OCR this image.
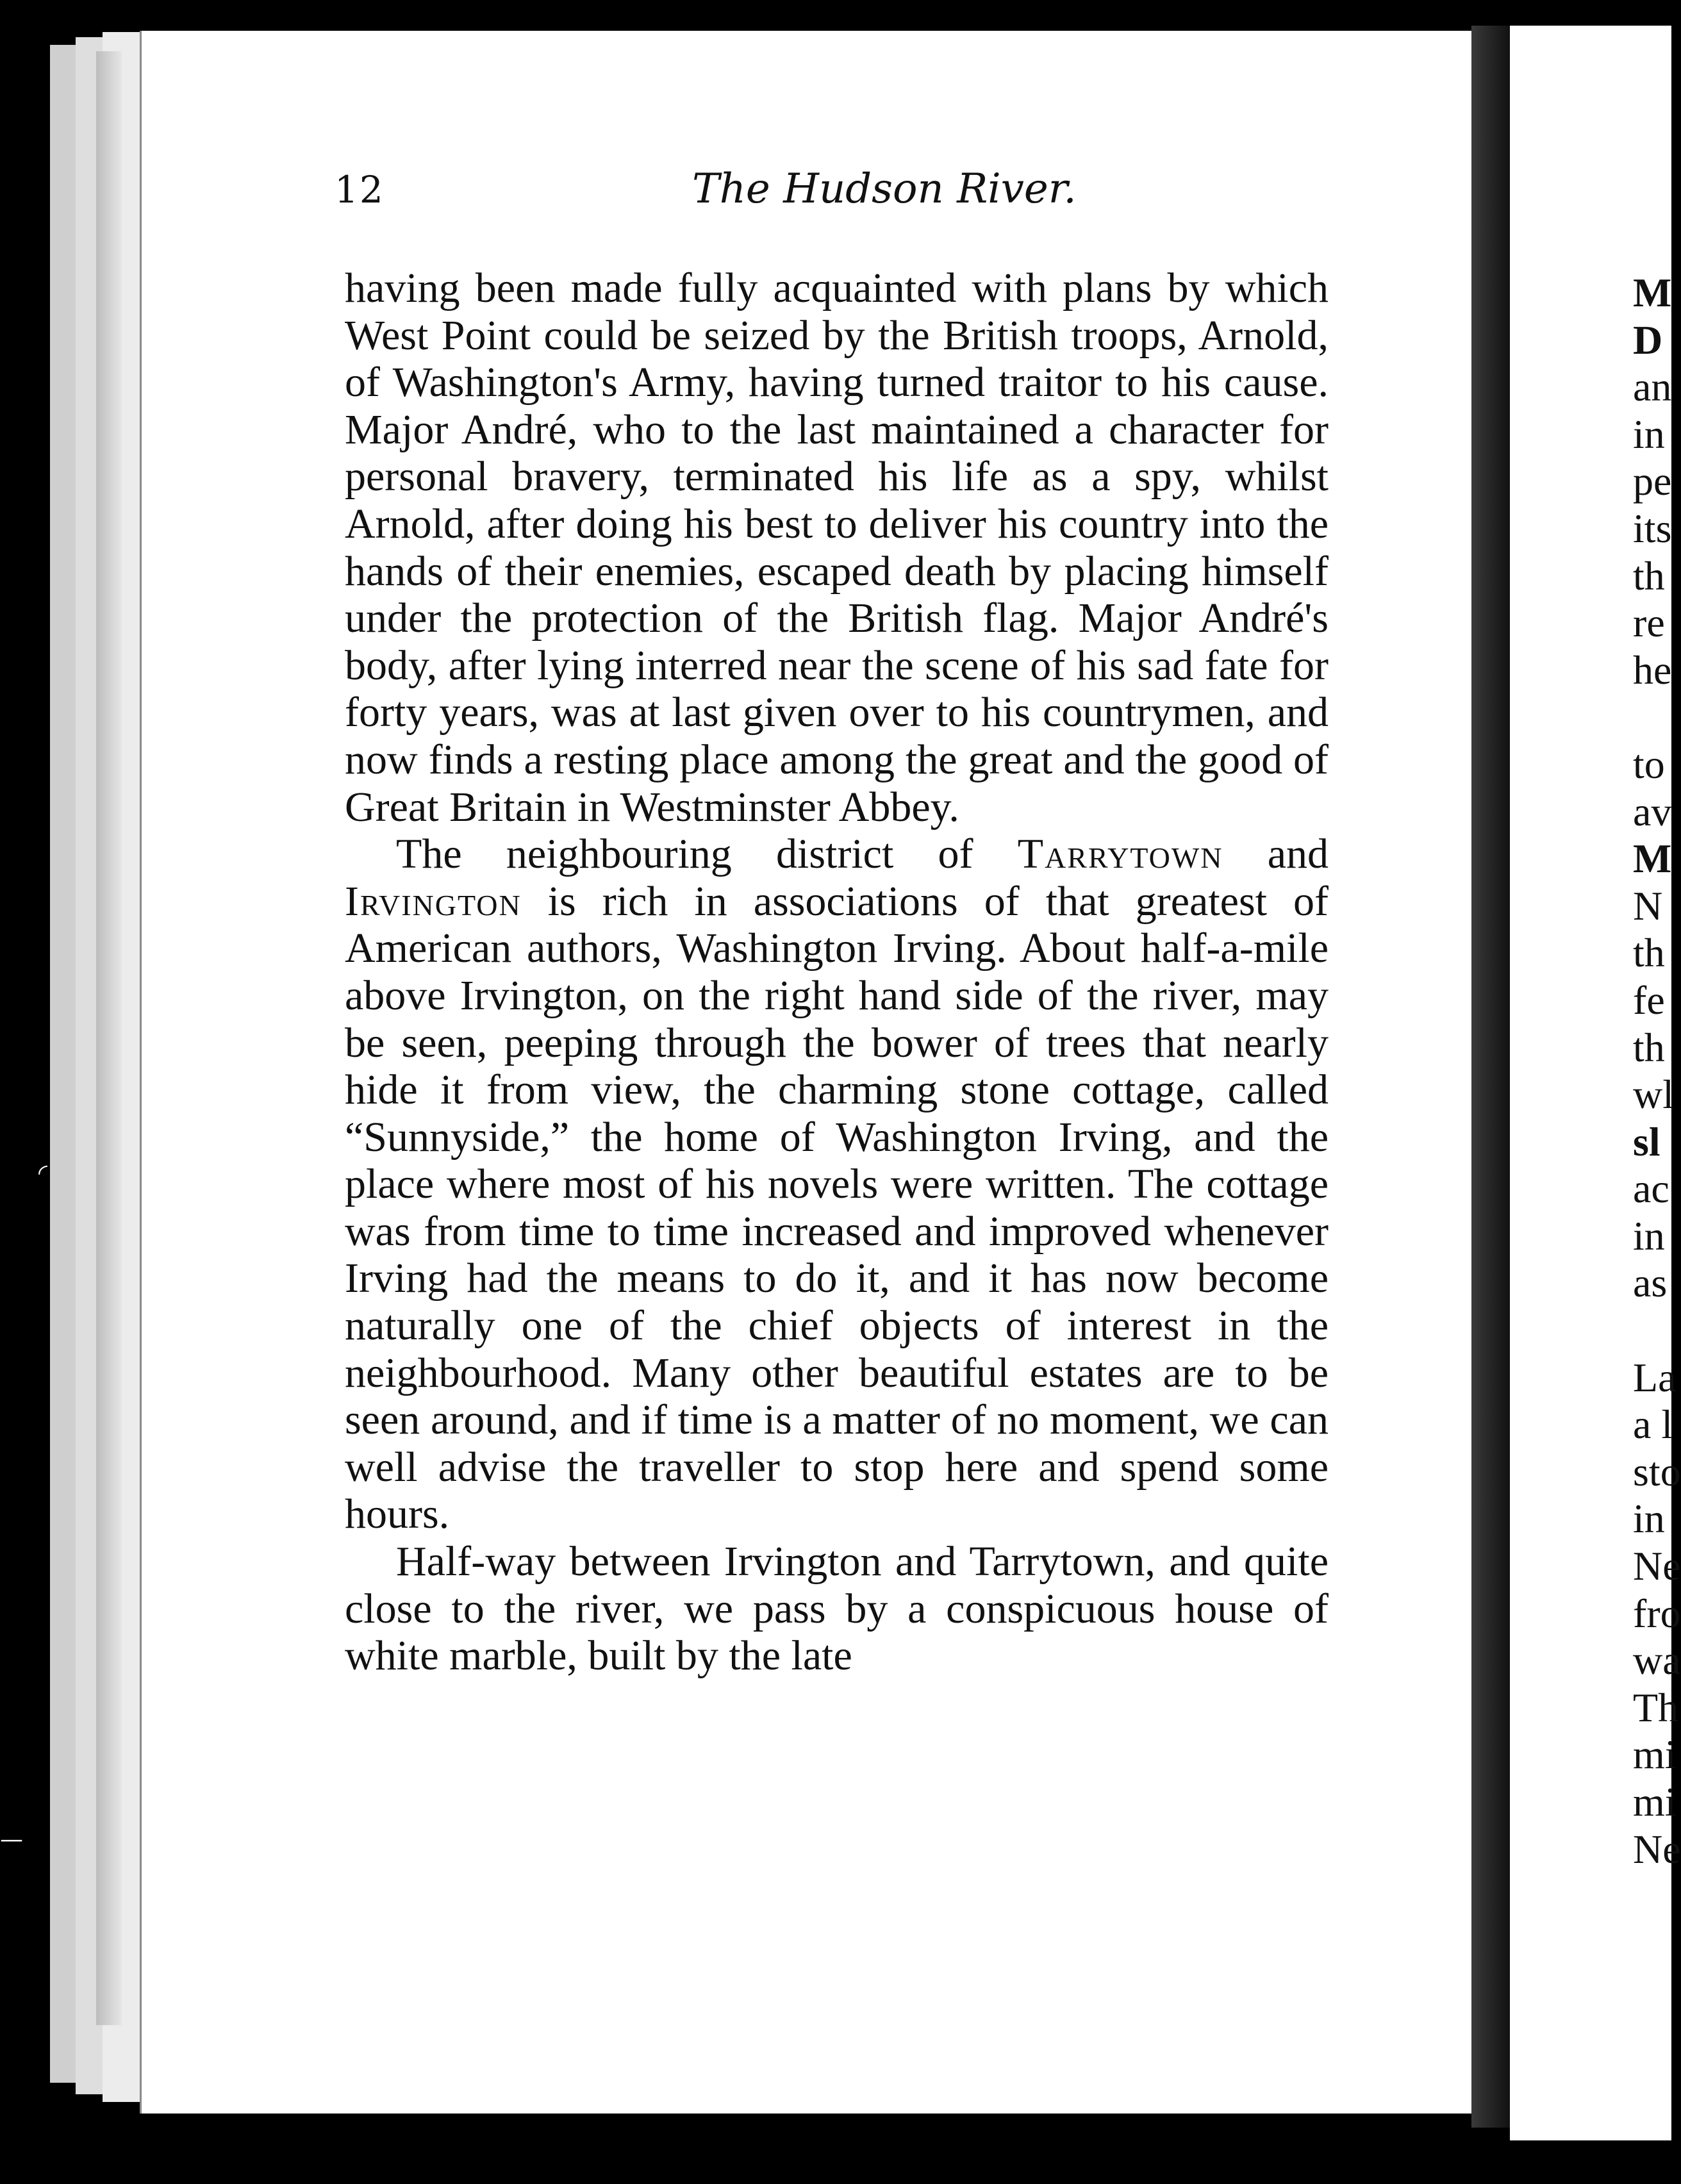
12	The Hudson River.

having been made fully acquainted with plans by which West Point could be seized by the British troops, Arnold, of Washington's Army, having turned traitor to his cause. Major André, who to the last maintained a character for personal bravery, terminated his life as a spy, whilst Arnold, after doing his best to deliver his country into the hands of their enemies, escaped death by placing himself under the protection of the British flag. Major André's body, after lying interred near the scene of his sad fate for forty years, was at last given over to his countrymen, and now finds a resting place among the great and the good of Great Britain in Westminster Abbey.

The neighbouring district of Tarrytown and Irvington is rich in associations of that greatest of American authors, Washington Irving. About half-a-mile above Irvington, on the right hand side of the river, may be seen, peeping through the bower of trees that nearly hide it from view, the charming stone cottage, called “Sunnyside,” the home of Washington Irving, and the place where most of his novels were written. The cottage was from time to time increased and improved whenever Irving had the means to do it, and it has now become naturally one of the chief objects of interest in the neighbourhood. Many other beautiful estates are to be seen around, and if time is a matter of no moment, we can well advise the traveller to stop here and spend some hours.

Half-way between Irvington and Tarrytown, and quite close to the river, we pass by a conspicuous house of white marble, built by the late

M
D
an
in
pe
its
th
re
he
to
av
M
N
th
fe
th
wl
sl
ac
in
as
La
a l
sto
in
Ne
fro
wa
Th
mi
mi
Ne
◜
—
